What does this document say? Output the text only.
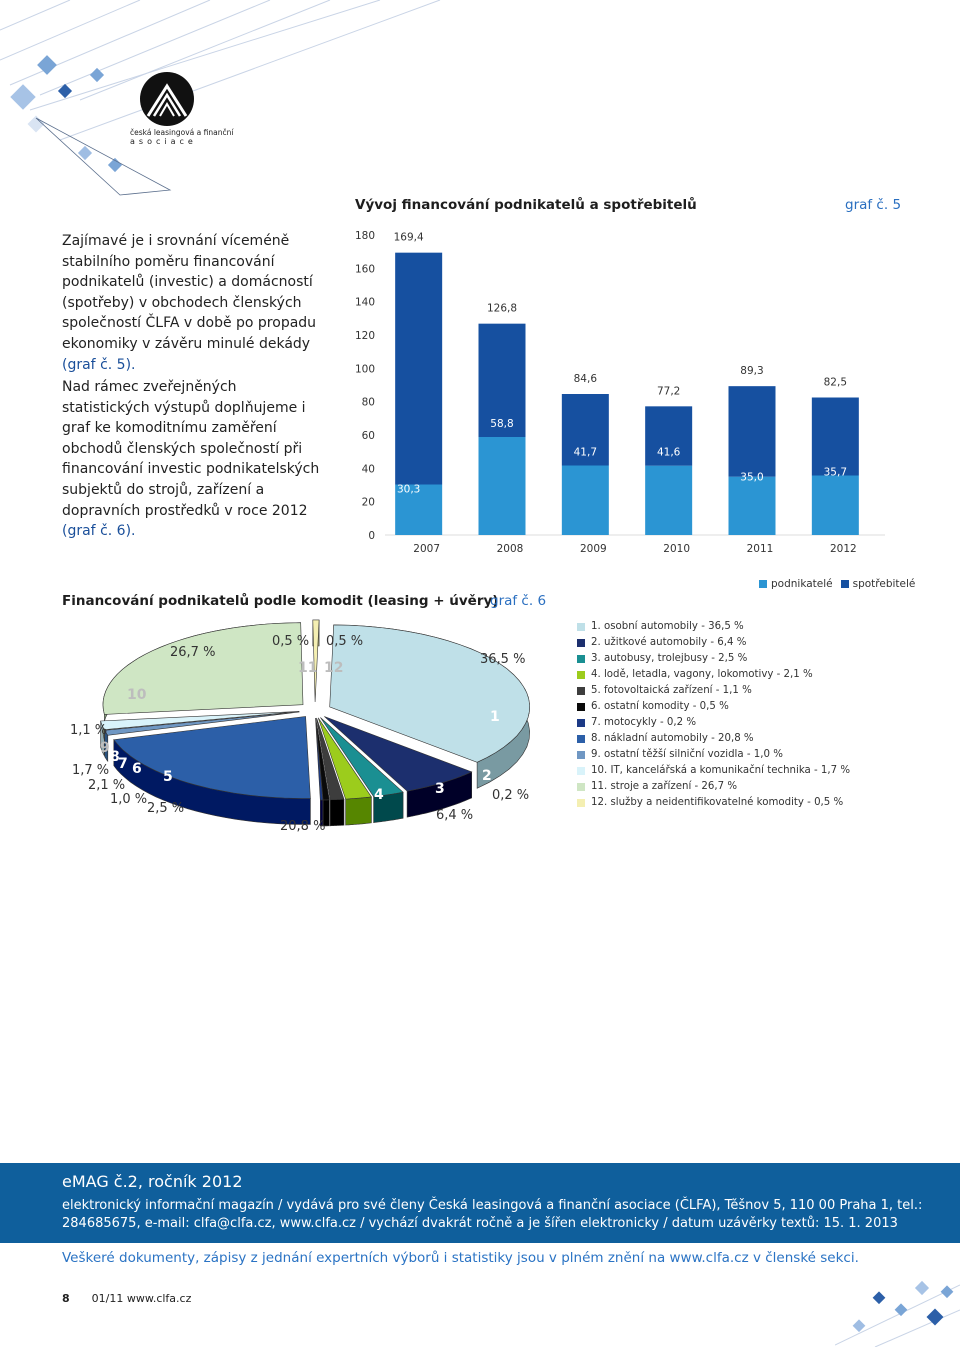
česká leasingová a finanční
asociace
Zajímavé je i srovnání víceméně stabilního poměru financování podnikatelů (investic) a domácností (spotřeby) v obchodech členských společností ČLFA v době po propadu ekonomiky v závěru minulé dekády (graf č. 5).
Nad rámec zveřejněných statistických výstupů doplňujeme i graf ke komoditnímu zaměření obchodů členských společností při financování investic podnikatelských subjektů do strojů, zařízení a dopravních prostředků v roce 2012 (graf č. 6).
Vývoj financování podnikatelů a spotřebitelů	graf č. 5
0
20
40
60
80
100
120
140
160
180
30,3
169,4
2007
58,8
126,8
2008
41,7
84,6
2009
41,6
77,2
2010
35,0
89,3
2011
35,7
82,5
2012
podnikatelé	spotřebitelé
Financování podnikatelů podle komodit (leasing + úvěry)
graf č. 6
1
36,5 %
2
0,2 %
3
6,4 %
4
20,8 %
5
2,5 %
6
1,0 %
7
2,1 %
8
1,7 %
9
1,1 %
10
26,7 %
11
0,5 %
12
0,5 %
1. osobní automobily - 36,5 %
2. užitkové automobily - 6,4 %
3. autobusy, trolejbusy - 2,5 %
4. lodě, letadla, vagony, lokomotivy - 2,1 %
5. fotovoltaická zařízení - 1,1 %
6. ostatní komodity - 0,5 %
7. motocykly - 0,2 %
8. nákladní automobily - 20,8 %
9. ostatní těžší silniční vozidla - 1,0 %
10. IT, kancelářská a komunikační technika - 1,7 %
11. stroje a zařízení - 26,7 %
12. služby a neidentifikovatelné komodity - 0,5 %
eMAG č.2, ročník 2012
elektronický informační magazín / vydává pro své členy Česká leasingová a finanční asociace (ČLFA), Těšnov 5, 110 00 Praha 1, tel.: 284685675, e-mail: clfa@clfa.cz, www.clfa.cz / vychází dvakrát ročně a je šířen elektronicky / datum uzávěrky textů: 15. 1. 2013
Veškeré dokumenty, zápisy z jednání expertních výborů i statistiky jsou v plném znění na www.clfa.cz v členské sekci.
8 01/11 www.clfa.cz
